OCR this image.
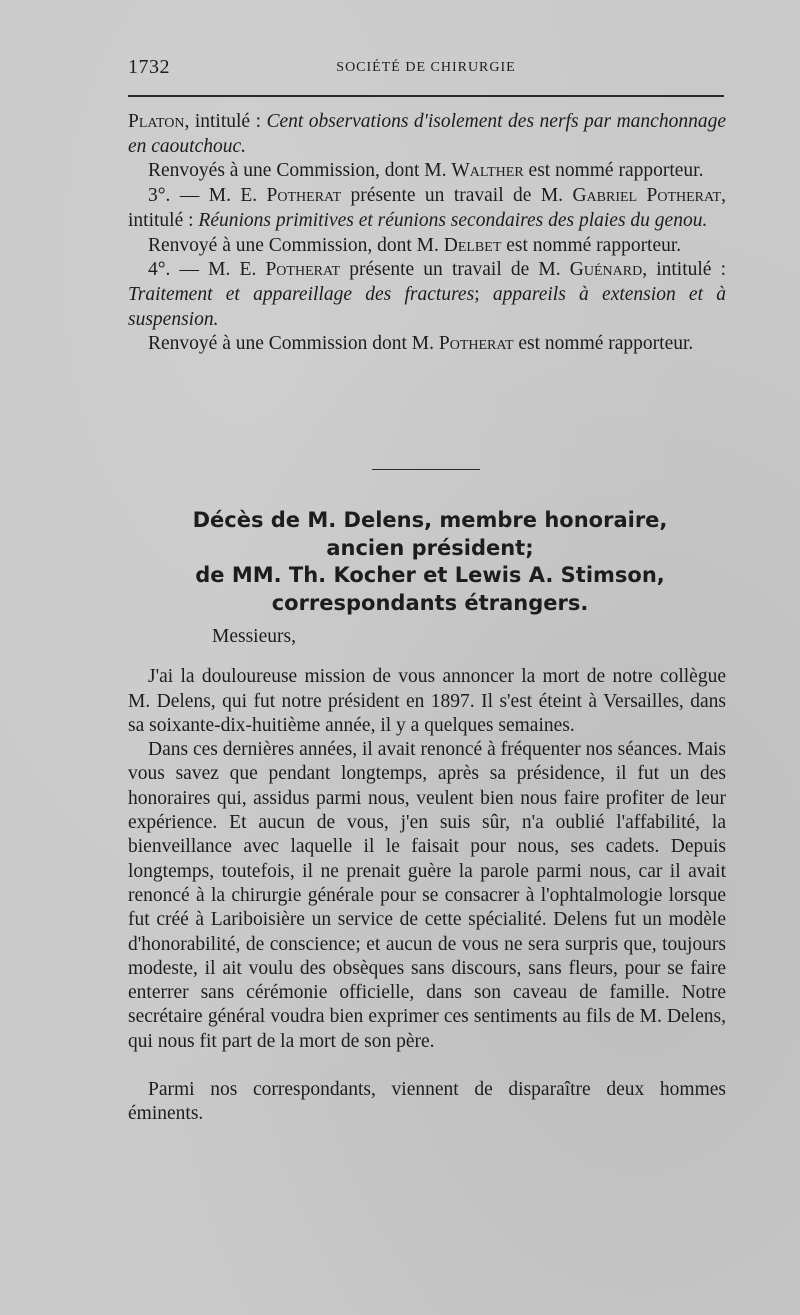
1732	SOCIÉTÉ DE CHIRURGIE

Platon, intitulé : Cent observations d'isolement des nerfs par manchonnage en caoutchouc.

Renvoyés à une Commission, dont M. Walther est nommé rapporteur.

3°. — M. E. Potherat présente un travail de M. Gabriel Potherat, intitulé : Réunions primitives et réunions secondaires des plaies du genou.

Renvoyé à une Commission, dont M. Delbet est nommé rapporteur.

4°. — M. E. Potherat présente un travail de M. Guénard, intitulé : Traitement et appareillage des fractures; appareils à extension et à suspension.

Renvoyé à une Commission dont M. Potherat est nommé rapporteur.

Décès de M. Delens, membre honoraire,
ancien président;
de MM. Th. Kocher et Lewis A. Stimson,
correspondants étrangers.

Messieurs,

J'ai la douloureuse mission de vous annoncer la mort de notre collègue M. Delens, qui fut notre président en 1897. Il s'est éteint à Versailles, dans sa soixante-dix-huitième année, il y a quelques semaines.

Dans ces dernières années, il avait renoncé à fréquenter nos séances. Mais vous savez que pendant longtemps, après sa présidence, il fut un des honoraires qui, assidus parmi nous, veulent bien nous faire profiter de leur expérience. Et aucun de vous, j'en suis sûr, n'a oublié l'affabilité, la bienveillance avec laquelle il le faisait pour nous, ses cadets. Depuis longtemps, toutefois, il ne prenait guère la parole parmi nous, car il avait renoncé à la chirurgie générale pour se consacrer à l'ophtalmologie lorsque fut créé à Lariboisière un service de cette spécialité. Delens fut un modèle d'honorabilité, de conscience; et aucun de vous ne sera surpris que, toujours modeste, il ait voulu des obsèques sans discours, sans fleurs, pour se faire enterrer sans cérémonie officielle, dans son caveau de famille. Notre secrétaire général voudra bien exprimer ces sentiments au fils de M. Delens, qui nous fit part de la mort de son père.

Parmi nos correspondants, viennent de disparaître deux hommes éminents.
